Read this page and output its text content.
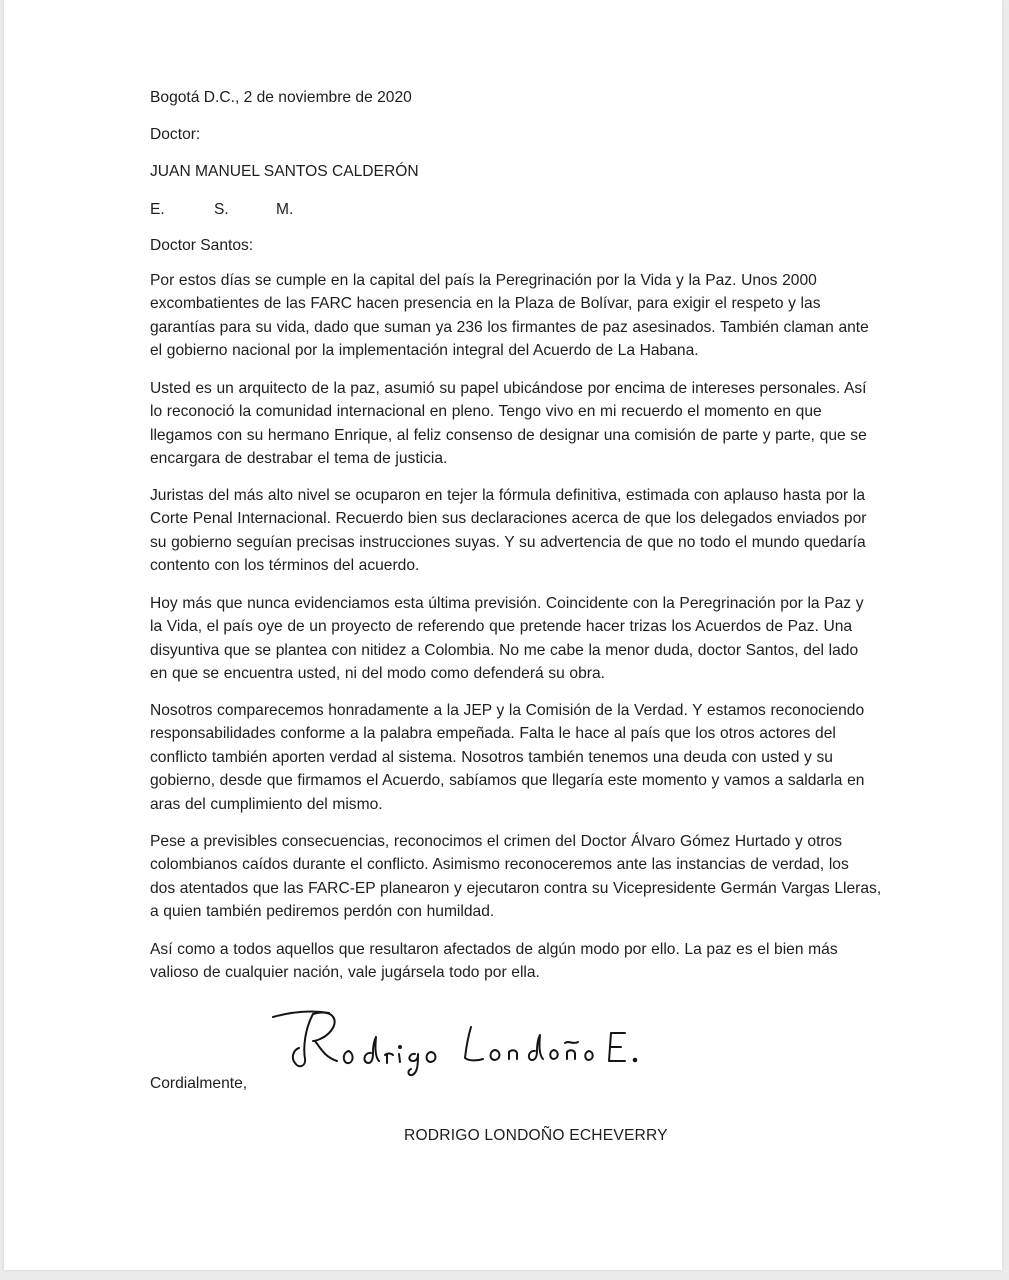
Bogotá D.C., 2 de noviembre de 2020

Doctor:

JUAN MANUEL SANTOS CALDERÓN

E.	S.	M.

Doctor Santos:

Por estos días se cumple en la capital del país la Peregrinación por la Vida y la Paz. Unos 2000
excombatientes de las FARC hacen presencia en la Plaza de Bolívar, para exigir el respeto y las
garantías para su vida, dado que suman ya 236 los firmantes de paz asesinados. También claman ante
el gobierno nacional por la implementación integral del Acuerdo de La Habana.
Usted es un arquitecto de la paz, asumió su papel ubicándose por encima de intereses personales. Así
lo reconoció la comunidad internacional en pleno. Tengo vivo en mi recuerdo el momento en que
llegamos con su hermano Enrique, al feliz consenso de designar una comisión de parte y parte, que se
encargara de destrabar el tema de justicia.
Juristas del más alto nivel se ocuparon en tejer la fórmula definitiva, estimada con aplauso hasta por la
Corte Penal Internacional. Recuerdo bien sus declaraciones acerca de que los delegados enviados por
su gobierno seguían precisas instrucciones suyas. Y su advertencia de que no todo el mundo quedaría
contento con los términos del acuerdo.
Hoy más que nunca evidenciamos esta última previsión. Coincidente con la Peregrinación por la Paz y
la Vida, el país oye de un proyecto de referendo que pretende hacer trizas los Acuerdos de Paz. Una
disyuntiva que se plantea con nitidez a Colombia. No me cabe la menor duda, doctor Santos, del lado
en que se encuentra usted, ni del modo como defenderá su obra.
Nosotros comparecemos honradamente a la JEP y la Comisión de la Verdad. Y estamos reconociendo
responsabilidades conforme a la palabra empeñada. Falta le hace al país que los otros actores del
conflicto también aporten verdad al sistema. Nosotros también tenemos una deuda con usted y su
gobierno, desde que firmamos el Acuerdo, sabíamos que llegaría este momento y vamos a saldarla en
aras del cumplimiento del mismo.
Pese a previsibles consecuencias, reconocimos el crimen del Doctor Álvaro Gómez Hurtado y otros
colombianos caídos durante el conflicto. Asimismo reconoceremos ante las instancias de verdad, los
dos atentados que las FARC-EP planearon y ejecutaron contra su Vicepresidente Germán Vargas Lleras,
a quien también pediremos perdón con humildad.
Así como a todos aquellos que resultaron afectados de algún modo por ello. La paz es el bien más
valioso de cualquier nación, vale jugársela todo por ella.

Cordialmente,

RODRIGO LONDOÑO ECHEVERRY
